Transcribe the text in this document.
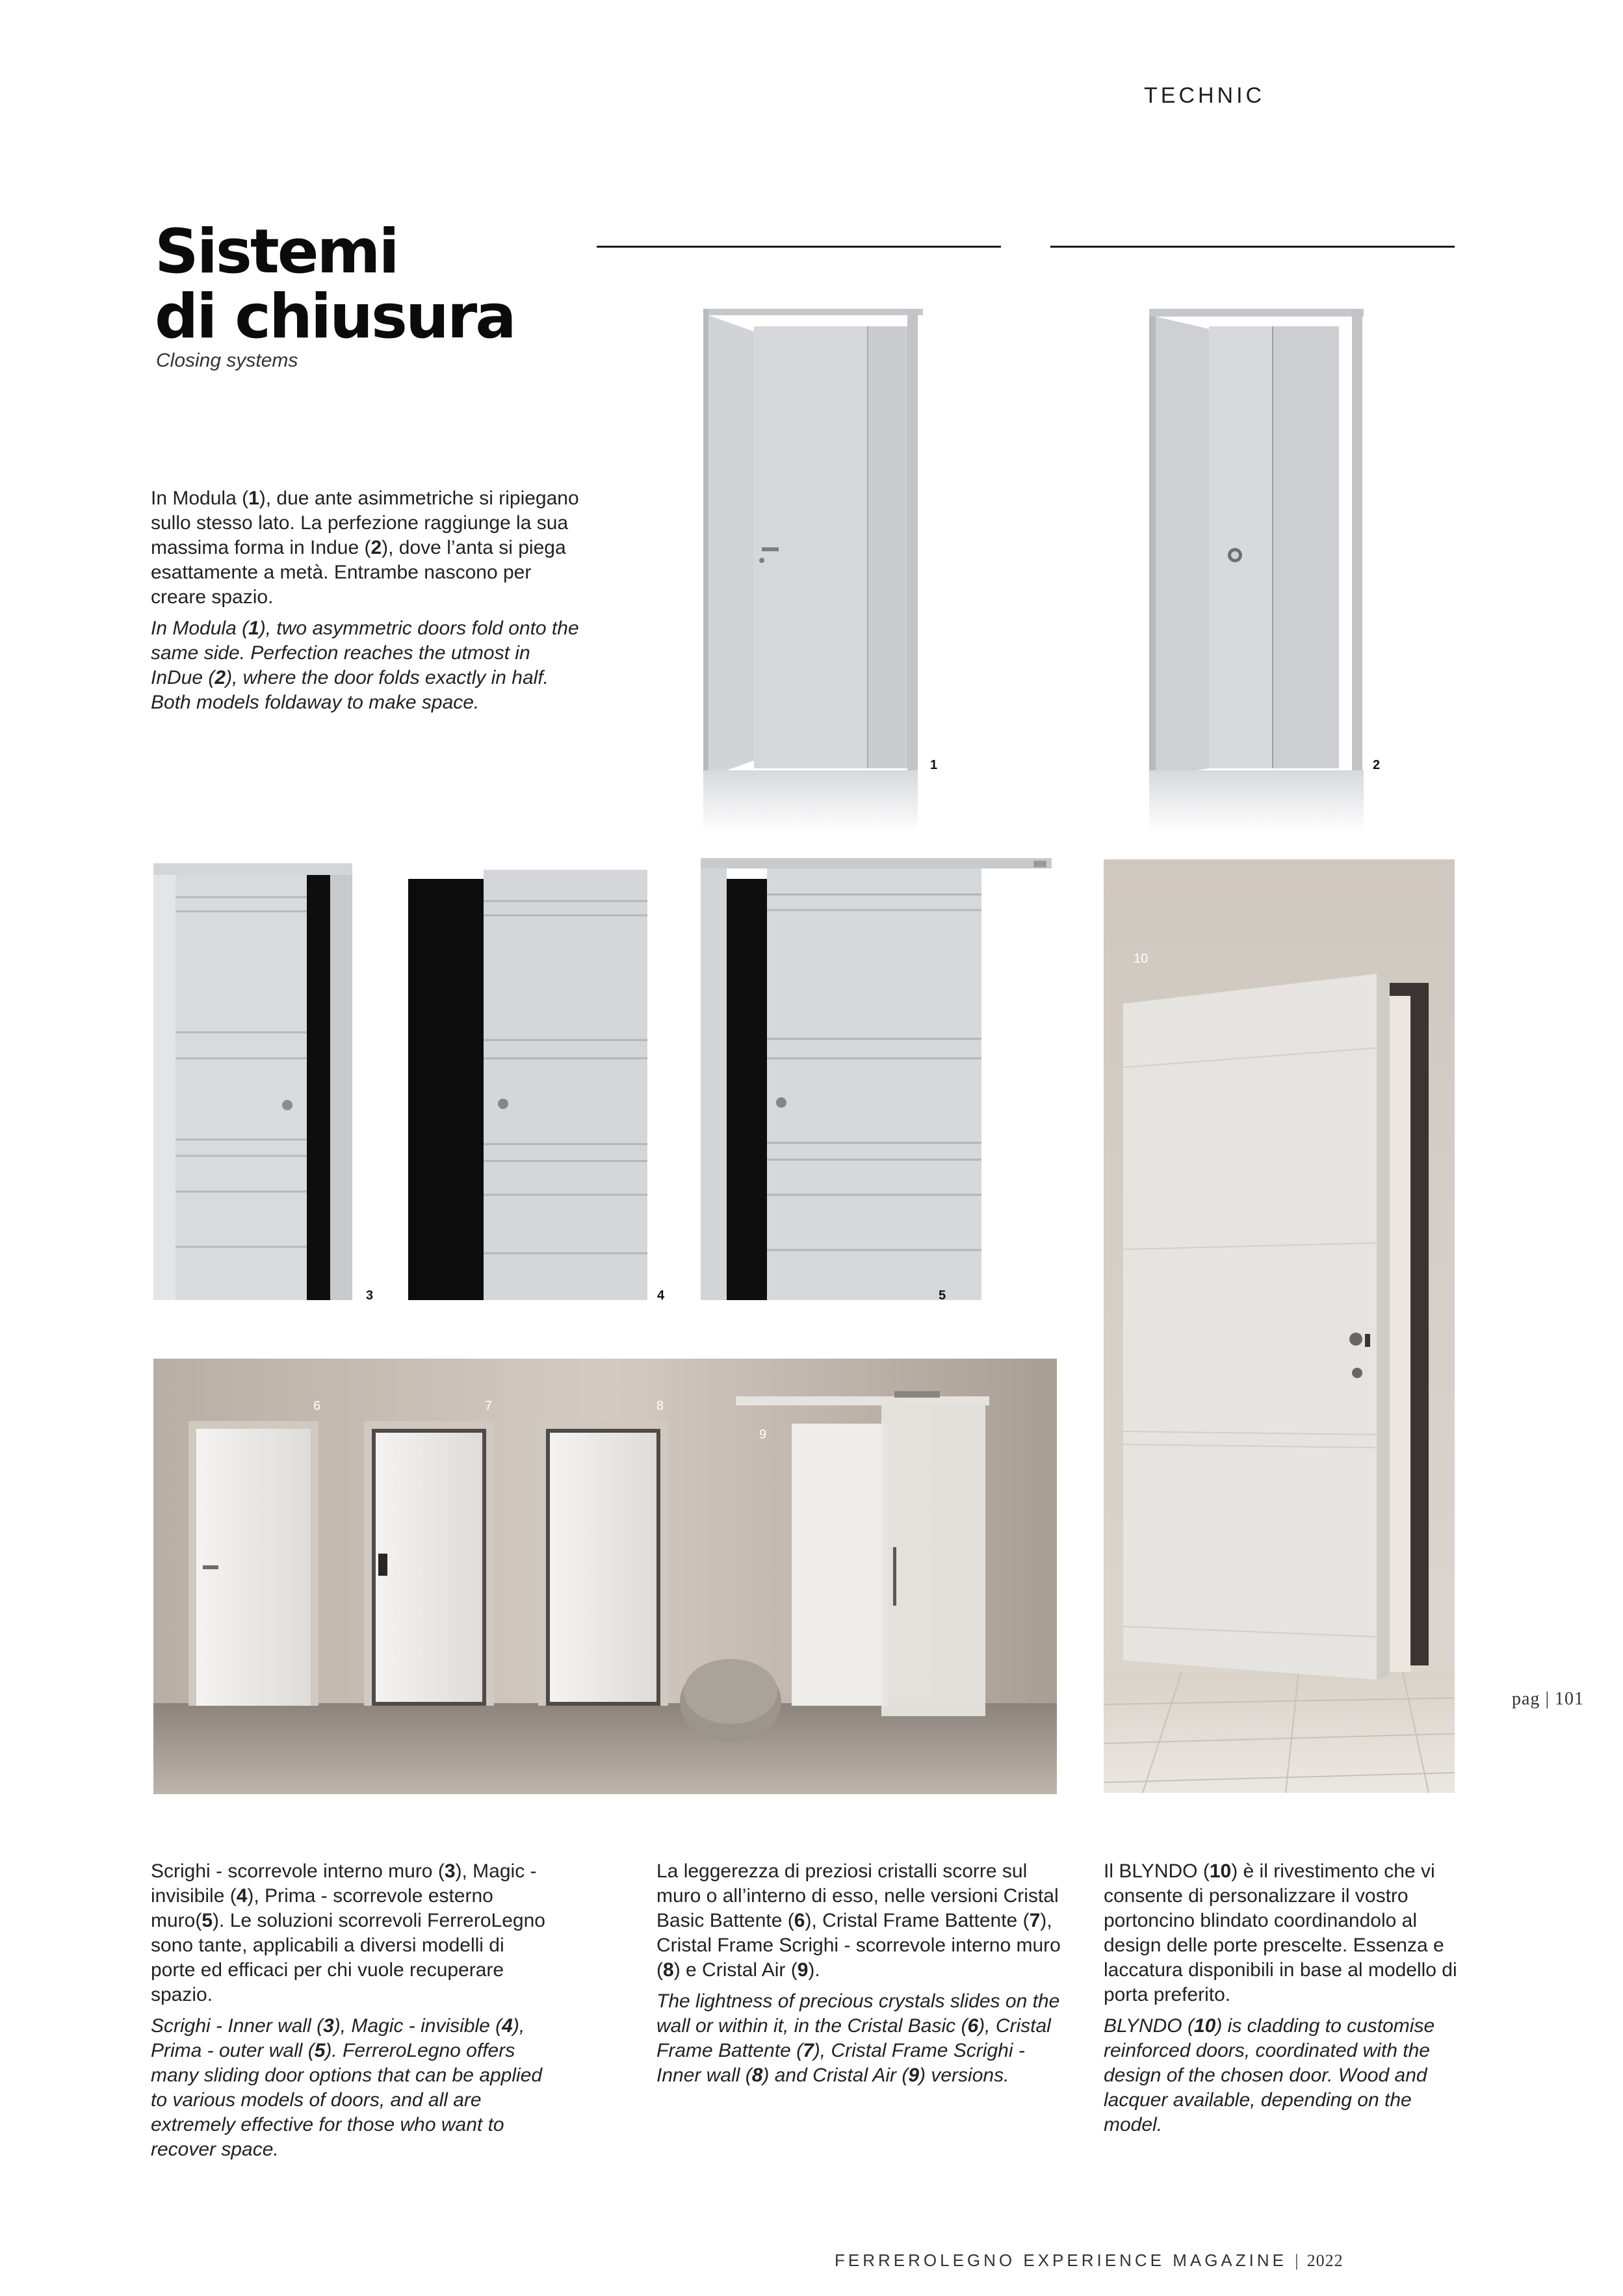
TECHNIC
Sistemi
di chiusura
Closing systems

In Modula (1), due ante asimmetriche si ripiegano sullo stesso lato. La perfezione raggiunge la sua massima forma in Indue (2), dove l’anta si piega esattamente a metà. Entrambe nascono per creare spazio.

In Modula (1), two asymmetric doors fold onto the same side. Perfection reaches the utmost in InDue (2), where the door folds exactly in half. Both models foldaway to make space.

1	2
3	4	5
10
6	7	8
9
pag | 101

Scrighi - scorrevole interno muro (3), Magic - invisibile (4), Prima - scorrevole esterno muro(5). Le soluzioni scorrevoli FerreroLegno sono tante, applicabili a diversi modelli di porte ed efficaci per chi vuole recuperare spazio.

Scrighi - Inner wall (3), Magic - invisible (4), Prima - outer wall (5). FerreroLegno offers many sliding door options that can be applied to various models of doors, and all are extremely effective for those who want to recover space.

La leggerezza di preziosi cristalli scorre sul muro o all’interno di esso, nelle versioni Cristal Basic Battente (6), Cristal Frame Battente (7), Cristal Frame Scrighi - scorrevole interno muro (8) e Cristal Air (9).

The lightness of precious crystals slides on the wall or within it, in the Cristal Basic (6), Cristal Frame Battente (7), Cristal Frame Scrighi - Inner wall (8) and Cristal Air (9) versions.

Il BLYNDO (10) è il rivestimento che vi consente di personalizzare il vostro portoncino blindato coordinandolo al design delle porte prescelte. Essenza e laccatura disponibili in base al modello di porta preferito.

BLYNDO (10) is cladding to customise reinforced doors, coordinated with the design of the chosen door. Wood and lacquer available, depending on the model.

FERREROLEGNO EXPERIENCE MAGAZINE | 2022
